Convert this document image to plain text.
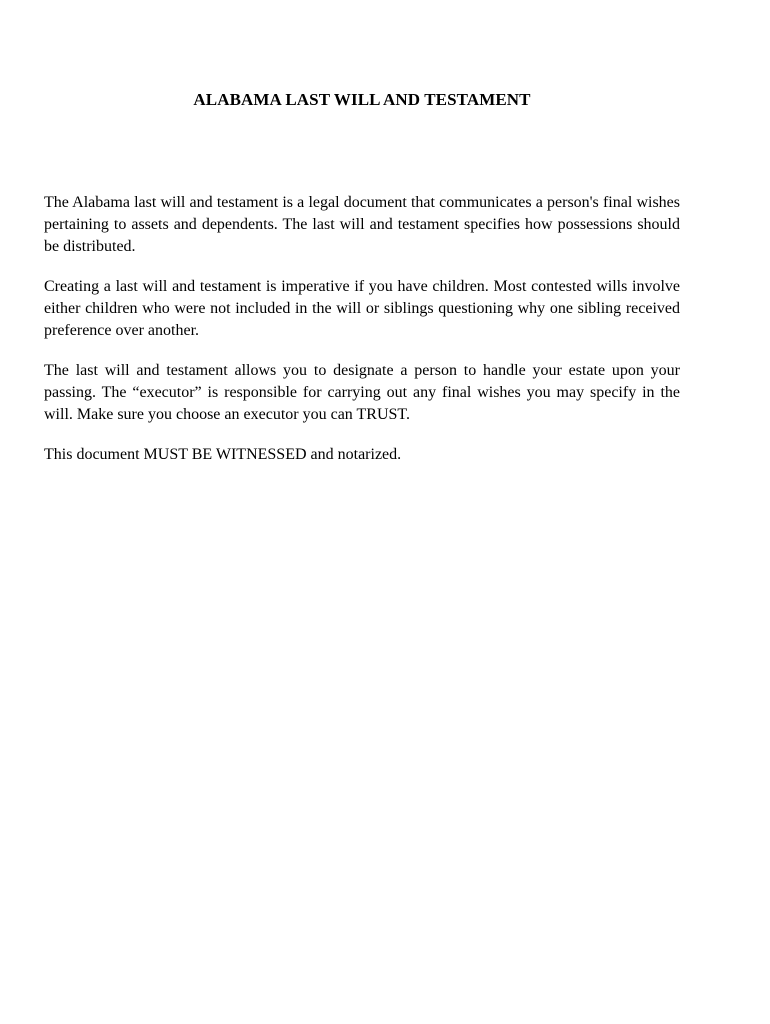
ALABAMA LAST WILL AND TESTAMENT

The Alabama last will and testament is a legal document that communicates a person's final wishes pertaining to assets and dependents. The last will and testament specifies how possessions should be distributed.

Creating a last will and testament is imperative if you have children. Most contested wills involve either children who were not included in the will or siblings questioning why one sibling received preference over another.

The last will and testament allows you to designate a person to handle your estate upon your passing. The “executor” is responsible for carrying out any final wishes you may specify in the will. Make sure you choose an executor you can TRUST.

This document MUST BE WITNESSED and notarized.
